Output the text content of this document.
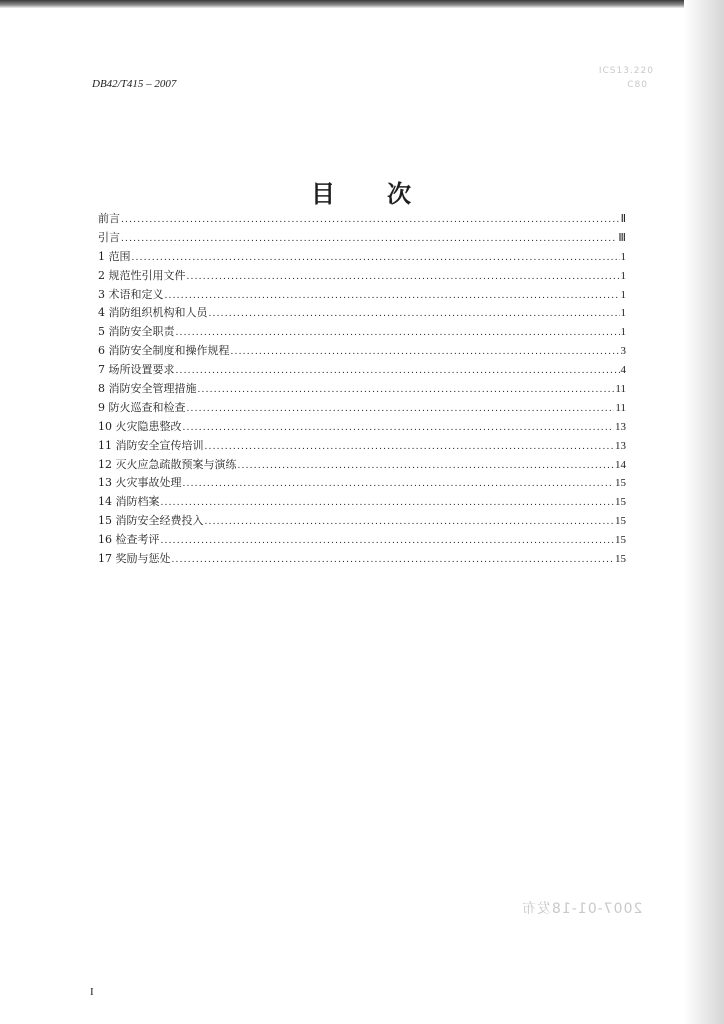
ICS13.220
C80
2007-01-18发布
DB42/T415 – 2007
目 次
前言 .....	Ⅱ
引言 .....	Ⅲ
1 范围 .....	1
2 规范性引用文件 .....	1
3 术语和定义 .....	1
4 消防组织机构和人员 .....	1
5 消防安全职责 .....	1
6 消防安全制度和操作规程 .....	3
7 场所设置要求 .....	4
8 消防安全管理措施 .....	11
9 防火巡查和检查 .....	11
10 火灾隐患整改 .....	13
11 消防安全宣传培训 .....	13
12 灭火应急疏散预案与演练 .....	14
13 火灾事故处理 .....	15
14 消防档案 .....	15
15 消防安全经费投入 .....	15
16 检查考评 .....	15
17 奖励与惩处 .....	15
I
